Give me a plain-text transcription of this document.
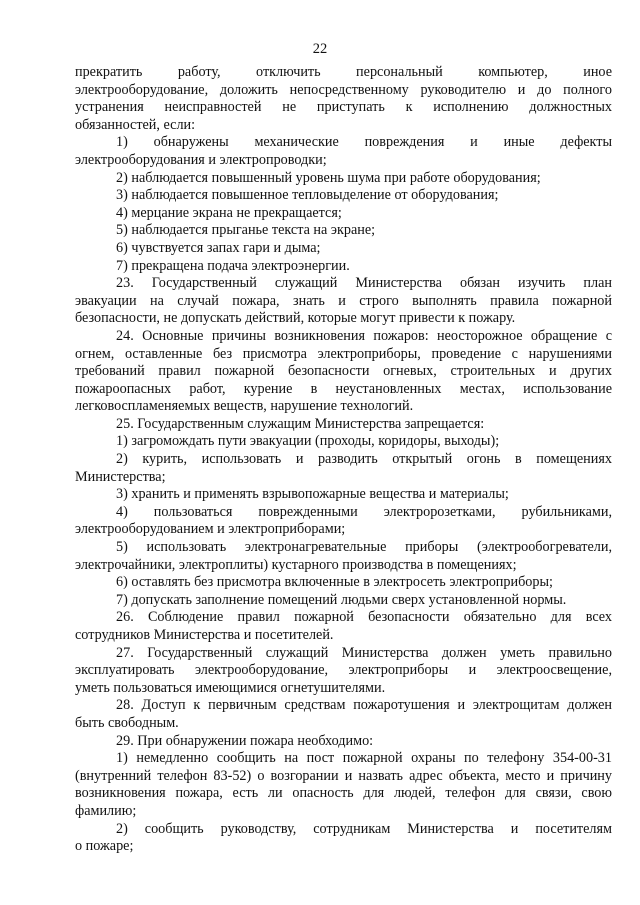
22
прекратить работу, отключить персональный компьютер, иное
электрооборудование, доложить непосредственному руководителю и до полного
устранения неисправностей не приступать к исполнению должностных
обязанностей, если:
1) обнаружены механические повреждения и иные дефекты
электрооборудования и электропроводки;
2) наблюдается повышенный уровень шума при работе оборудования;
3) наблюдается повышенное тепловыделение от оборудования;
4) мерцание экрана не прекращается;
5) наблюдается прыганье текста на экране;
6) чувствуется запах гари и дыма;
7) прекращена подача электроэнергии.
23. Государственный служащий Министерства обязан изучить план
эвакуации на случай пожара, знать и строго выполнять правила пожарной
безопасности, не допускать действий, которые могут привести к пожару.
24. Основные причины возникновения пожаров: неосторожное обращение с
огнем, оставленные без присмотра электроприборы, проведение с нарушениями
требований правил пожарной безопасности огневых, строительных и других
пожароопасных работ, курение в неустановленных местах, использование
легковоспламеняемых веществ, нарушение технологий.
25. Государственным служащим Министерства запрещается:
1) загромождать пути эвакуации (проходы, коридоры, выходы);
2) курить, использовать и разводить открытый огонь в помещениях
Министерства;
3) хранить и применять взрывопожарные вещества и материалы;
4) пользоваться поврежденными электророзетками, рубильниками,
электрооборудованием и электроприборами;
5) использовать электронагревательные приборы (электрообогреватели,
электрочайники, электроплиты) кустарного производства в помещениях;
6) оставлять без присмотра включенные в электросеть электроприборы;
7) допускать заполнение помещений людьми сверх установленной нормы.
26. Соблюдение правил пожарной безопасности обязательно для всех
сотрудников Министерства и посетителей.
27. Государственный служащий Министерства должен уметь правильно
эксплуатировать электрооборудование, электроприборы и электроосвещение,
уметь пользоваться имеющимися огнетушителями.
28. Доступ к первичным средствам пожаротушения и электрощитам должен
быть свободным.
29. При обнаружении пожара необходимо:
1) немедленно сообщить на пост пожарной охраны по телефону 354-00-31
(внутренний телефон 83-52) о возгорании и назвать адрес объекта, место и причину
возникновения пожара, есть ли опасность для людей, телефон для связи, свою
фамилию;
2) сообщить руководству, сотрудникам Министерства и посетителям
о пожаре;
